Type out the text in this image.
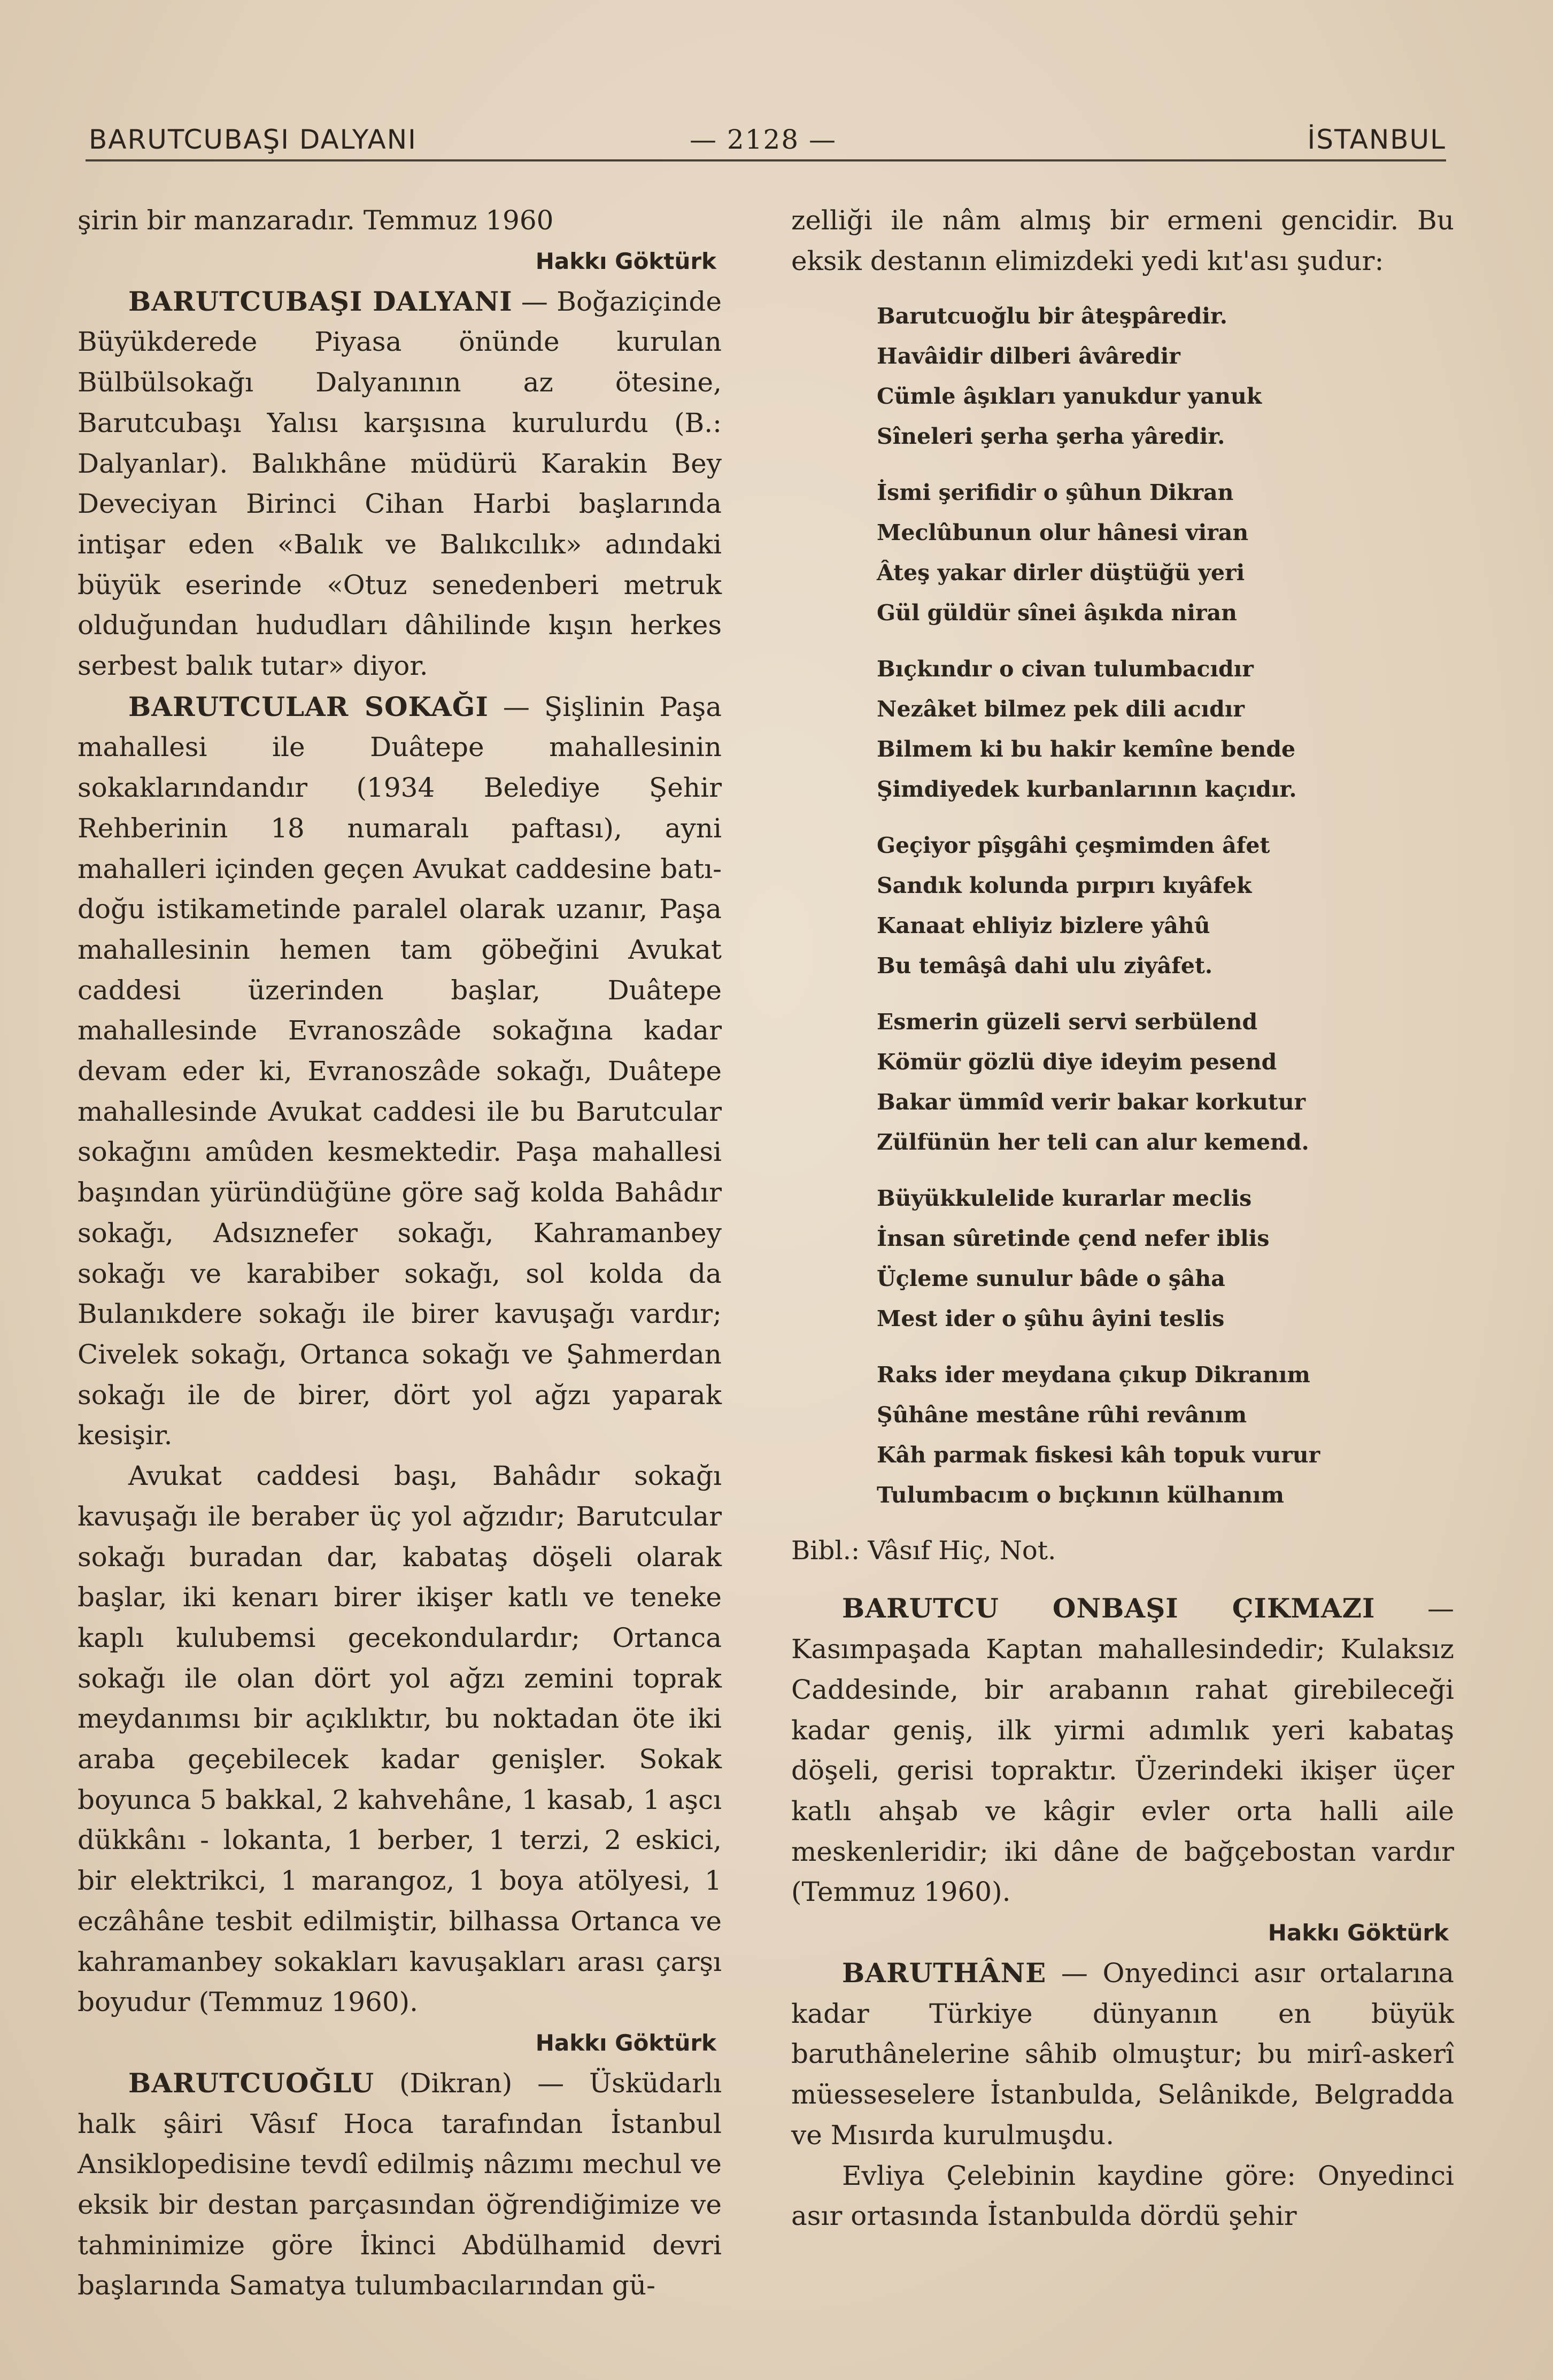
BARUTCUBAŞI DALYANI	— 2128 —	İSTANBUL

şirin bir manzaradır. Temmuz 1960

Hakkı Göktürk

BARUTCUBAŞI DALYANI — Boğaziçinde Büyükderede Piyasa önünde kurulan Bülbülsokağı Dalyanının az ötesine, Barutcubaşı Yalısı karşısına kurulurdu (B.: Dalyanlar). Balıkhâne müdürü Karakin Bey Deveciyan Birinci Cihan Harbi başlarında intişar eden «Balık ve Balıkcılık» adındaki büyük eserinde «Otuz senedenberi metruk olduğundan hududları dâhilinde kışın herkes serbest balık tutar» diyor.

BARUTCULAR SOKAĞI — Şişlinin Paşa mahallesi ile Duâtepe mahallesinin sokaklarındandır (1934 Belediye Şehir Rehberinin 18 numaralı paftası), ayni mahalleri içinden geçen Avukat caddesine batı-doğu istikametinde paralel olarak uzanır, Paşa mahallesinin hemen tam göbeğini Avukat caddesi üzerinden başlar, Duâtepe mahallesinde Evranoszâde sokağına kadar devam eder ki, Evranoszâde sokağı, Duâtepe mahallesinde Avukat caddesi ile bu Barutcular sokağını amûden kesmektedir. Paşa mahallesi başından yüründüğüne göre sağ kolda Bahâdır sokağı, Adsıznefer sokağı, Kahramanbey sokağı ve karabiber sokağı, sol kolda da Bulanıkdere sokağı ile birer kavuşağı vardır; Civelek sokağı, Ortanca sokağı ve Şahmerdan sokağı ile de birer, dört yol ağzı yaparak kesişir.

Avukat caddesi başı, Bahâdır sokağı kavuşağı ile beraber üç yol ağzıdır; Barutcular sokağı buradan dar, kabataş döşeli olarak başlar, iki kenarı birer ikişer katlı ve teneke kaplı kulubemsi gecekondulardır; Ortanca sokağı ile olan dört yol ağzı zemini toprak meydanımsı bir açıklıktır, bu noktadan öte iki araba geçebilecek kadar genişler. Sokak boyunca 5 bakkal, 2 kahvehâne, 1 kasab, 1 aşcı dükkânı - lokanta, 1 berber, 1 terzi, 2 eskici, bir elektrikci, 1 marangoz, 1 boya atölyesi, 1 eczâhâne tesbit edilmiştir, bilhassa Ortanca ve kahramanbey sokakları kavuşakları arası çarşı boyudur (Temmuz 1960).

Hakkı Göktürk

BARUTCUOĞLU (Dikran) — Üsküdarlı halk şâiri Vâsıf Hoca tarafından İstanbul Ansiklopedisine tevdî edilmiş nâzımı mechul ve eksik bir destan parçasından öğrendiğimize ve tahminimize göre İkinci Abdülhamid devri başlarında Samatya tulumbacılarından gü-

zelliği ile nâm almış bir ermeni gencidir. Bu eksik destanın elimizdeki yedi kıt'ası şudur:

Barutcuoğlu bir âteşpâredir.
Havâidir dilberi âvâredir
Cümle âşıkları yanukdur yanuk
Sîneleri şerha şerha yâredir.
İsmi şerifidir o şûhun Dikran
Meclûbunun olur hânesi viran
Âteş yakar dirler düştüğü yeri
Gül güldür sînei âşıkda niran
Bıçkındır o civan tulumbacıdır
Nezâket bilmez pek dili acıdır
Bilmem ki bu hakir kemîne bende
Şimdiyedek kurbanlarının kaçıdır.
Geçiyor pîşgâhi çeşmimden âfet
Sandık kolunda pırpırı kıyâfek
Kanaat ehliyiz bizlere yâhû
Bu temâşâ dahi ulu ziyâfet.
Esmerin güzeli servi serbülend
Kömür gözlü diye ideyim pesend
Bakar ümmîd verir bakar korkutur
Zülfünün her teli can alur kemend.
Büyükkulelide kurarlar meclis
İnsan sûretinde çend nefer iblis
Üçleme sunulur bâde o şâha
Mest ider o şûhu âyini teslis
Raks ider meydana çıkup Dikranım
Şûhâne mestâne rûhi revânım
Kâh parmak fiskesi kâh topuk vurur
Tulumbacım o bıçkının külhanım

Bibl.: Vâsıf Hiç, Not.

BARUTCU ONBAŞI ÇIKMAZI — Kasımpaşada Kaptan mahallesindedir; Kulaksız Caddesinde, bir arabanın rahat girebileceği kadar geniş, ilk yirmi adımlık yeri kabataş döşeli, gerisi topraktır. Üzerindeki ikişer üçer katlı ahşab ve kâgir evler orta halli aile meskenleridir; iki dâne de bağçebostan vardır (Temmuz 1960).

Hakkı Göktürk

BARUTHÂNE — Onyedinci asır ortalarına kadar Türkiye dünyanın en büyük baruthânelerine sâhib olmuştur; bu mirî-askerî müesseselere İstanbulda, Selânikde, Belgradda ve Mısırda kurulmuşdu.

Evliya Çelebinin kaydine göre: Onyedinci asır ortasında İstanbulda dördü şehir
